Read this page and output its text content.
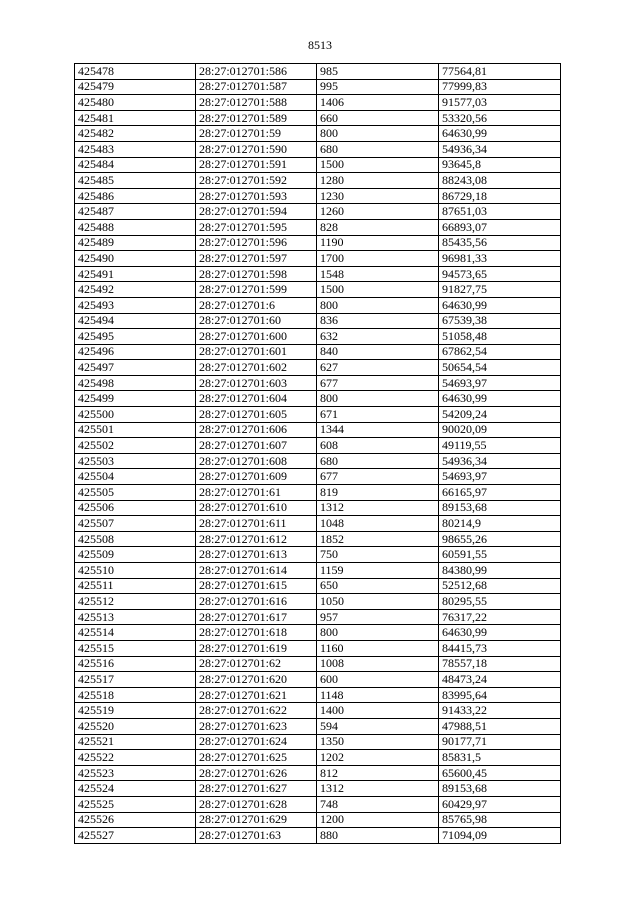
8513
425478	28:27:012701:586	985	77564,81
425479	28:27:012701:587	995	77999,83
425480	28:27:012701:588	1406	91577,03
425481	28:27:012701:589	660	53320,56
425482	28:27:012701:59	800	64630,99
425483	28:27:012701:590	680	54936,34
425484	28:27:012701:591	1500	93645,8
425485	28:27:012701:592	1280	88243,08
425486	28:27:012701:593	1230	86729,18
425487	28:27:012701:594	1260	87651,03
425488	28:27:012701:595	828	66893,07
425489	28:27:012701:596	1190	85435,56
425490	28:27:012701:597	1700	96981,33
425491	28:27:012701:598	1548	94573,65
425492	28:27:012701:599	1500	91827,75
425493	28:27:012701:6	800	64630,99
425494	28:27:012701:60	836	67539,38
425495	28:27:012701:600	632	51058,48
425496	28:27:012701:601	840	67862,54
425497	28:27:012701:602	627	50654,54
425498	28:27:012701:603	677	54693,97
425499	28:27:012701:604	800	64630,99
425500	28:27:012701:605	671	54209,24
425501	28:27:012701:606	1344	90020,09
425502	28:27:012701:607	608	49119,55
425503	28:27:012701:608	680	54936,34
425504	28:27:012701:609	677	54693,97
425505	28:27:012701:61	819	66165,97
425506	28:27:012701:610	1312	89153,68
425507	28:27:012701:611	1048	80214,9
425508	28:27:012701:612	1852	98655,26
425509	28:27:012701:613	750	60591,55
425510	28:27:012701:614	1159	84380,99
425511	28:27:012701:615	650	52512,68
425512	28:27:012701:616	1050	80295,55
425513	28:27:012701:617	957	76317,22
425514	28:27:012701:618	800	64630,99
425515	28:27:012701:619	1160	84415,73
425516	28:27:012701:62	1008	78557,18
425517	28:27:012701:620	600	48473,24
425518	28:27:012701:621	1148	83995,64
425519	28:27:012701:622	1400	91433,22
425520	28:27:012701:623	594	47988,51
425521	28:27:012701:624	1350	90177,71
425522	28:27:012701:625	1202	85831,5
425523	28:27:012701:626	812	65600,45
425524	28:27:012701:627	1312	89153,68
425525	28:27:012701:628	748	60429,97
425526	28:27:012701:629	1200	85765,98
425527	28:27:012701:63	880	71094,09
